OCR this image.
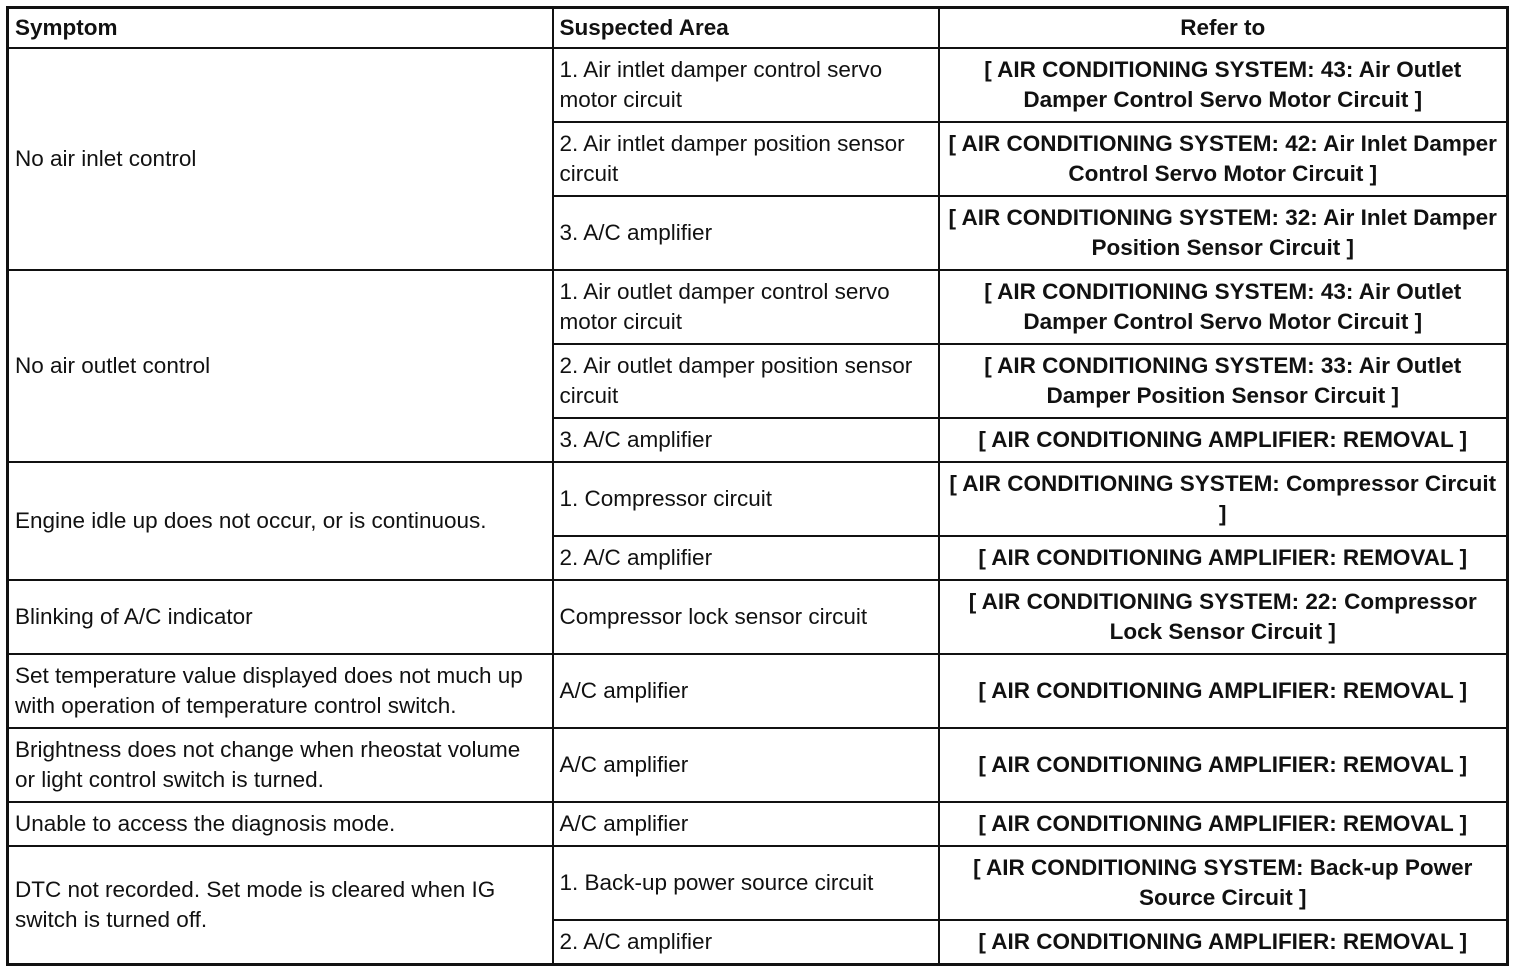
Symptom	Suspected Area	Refer to
No air inlet control	1. Air intlet damper control servo motor circuit	[ AIR CONDITIONING SYSTEM: 43: Air Outlet Damper Control Servo Motor Circuit ]
	2. Air intlet damper position sensor circuit	[ AIR CONDITIONING SYSTEM: 42: Air Inlet Damper Control Servo Motor Circuit ]
	3. A/C amplifier	[ AIR CONDITIONING SYSTEM: 32: Air Inlet Damper Position Sensor Circuit ]
No air outlet control	1. Air outlet damper control servo motor circuit	[ AIR CONDITIONING SYSTEM: 43: Air Outlet Damper Control Servo Motor Circuit ]
	2. Air outlet damper position sensor circuit	[ AIR CONDITIONING SYSTEM: 33: Air Outlet Damper Position Sensor Circuit ]
	3. A/C amplifier	[ AIR CONDITIONING AMPLIFIER: REMOVAL ]
Engine idle up does not occur, or is continuous.	1. Compressor circuit	[ AIR CONDITIONING SYSTEM: Compressor Circuit ]
	2. A/C amplifier	[ AIR CONDITIONING AMPLIFIER: REMOVAL ]
Blinking of A/C indicator	Compressor lock sensor circuit	[ AIR CONDITIONING SYSTEM: 22: Compressor Lock Sensor Circuit ]
Set temperature value displayed does not much up with operation of temperature control switch.	A/C amplifier	[ AIR CONDITIONING AMPLIFIER: REMOVAL ]
Brightness does not change when rheostat volume or light control switch is turned.	A/C amplifier	[ AIR CONDITIONING AMPLIFIER: REMOVAL ]
Unable to access the diagnosis mode.	A/C amplifier	[ AIR CONDITIONING AMPLIFIER: REMOVAL ]
DTC not recorded. Set mode is cleared when IG switch is turned off.	1. Back-up power source circuit	[ AIR CONDITIONING SYSTEM: Back-up Power Source Circuit ]
	2. A/C amplifier	[ AIR CONDITIONING AMPLIFIER: REMOVAL ]
